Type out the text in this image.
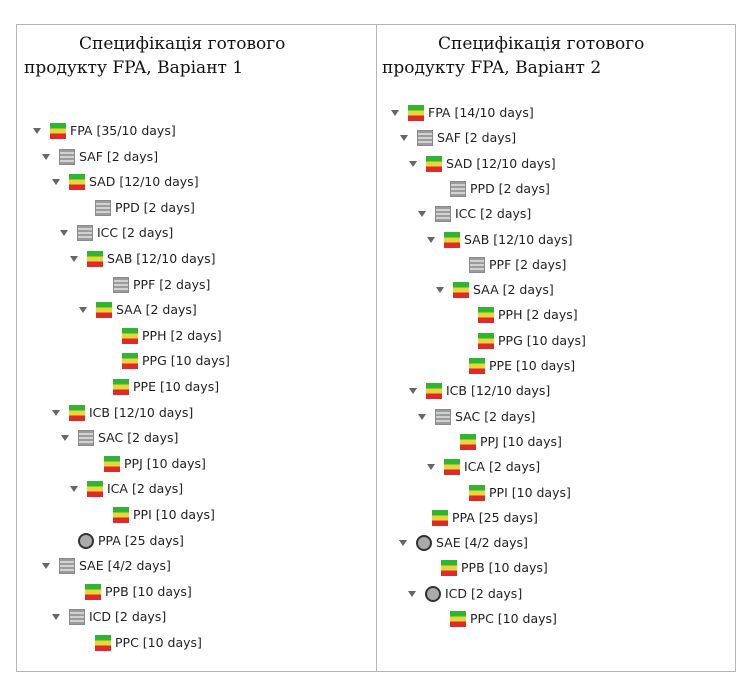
Специфікація готового
продукту FPA, Варіант 1
Специфікація готового
продукту FPA, Варіант 2
FPA [35/10 days]
SAF [2 days]
SAD [12/10 days]
PPD [2 days]
ICC [2 days]
SAB [12/10 days]
PPF [2 days]
SAA [2 days]
PPH [2 days]
PPG [10 days]
PPE [10 days]
ICB [12/10 days]
SAC [2 days]
PPJ [10 days]
ICA [2 days]
PPI [10 days]
PPA [25 days]
SAE [4/2 days]
PPB [10 days]
ICD [2 days]
PPC [10 days]
FPA [14/10 days]
SAF [2 days]
SAD [12/10 days]
PPD [2 days]
ICC [2 days]
SAB [12/10 days]
PPF [2 days]
SAA [2 days]
PPH [2 days]
PPG [10 days]
PPE [10 days]
ICB [12/10 days]
SAC [2 days]
PPJ [10 days]
ICA [2 days]
PPI [10 days]
PPA [25 days]
SAE [4/2 days]
PPB [10 days]
ICD [2 days]
PPC [10 days]
